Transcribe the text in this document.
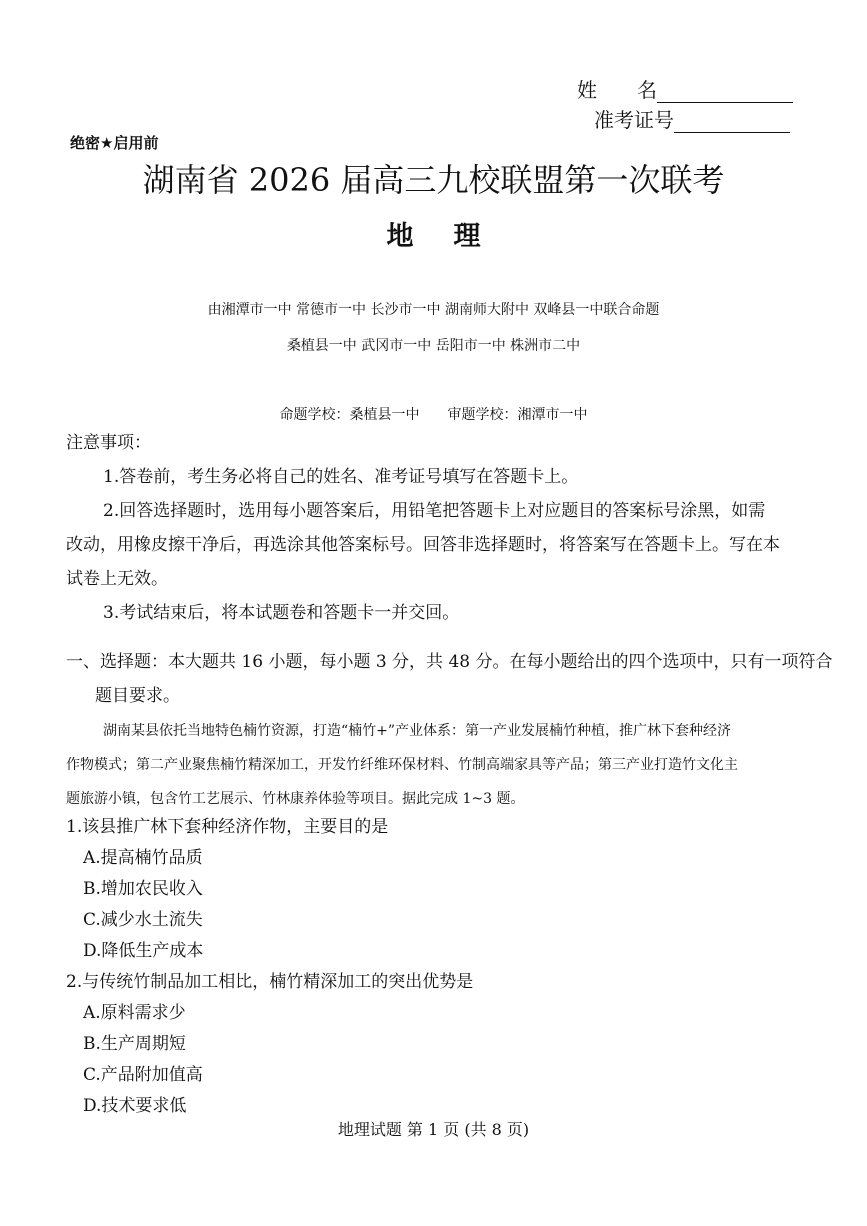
姓　　名
准考证号
绝密★启用前
湖南省 2026 届高三九校联盟第一次联考
地理
由湘潭市一中 常德市一中 长沙市一中 湖南师大附中 双峰县一中联合命题
桑植县一中 武冈市一中 岳阳市一中 株洲市二中
命题学校：桑植县一中　　审题学校：湘潭市一中
注意事项：
1.答卷前，考生务必将自己的姓名、准考证号填写在答题卡上。
2.回答选择题时，选用每小题答案后，用铅笔把答题卡上对应题目的答案标号涂黑，如需
改动，用橡皮擦干净后，再选涂其他答案标号。回答非选择题时，将答案写在答题卡上。写在本
试卷上无效。
3.考试结束后，将本试题卷和答题卡一并交回。
一、选择题：本大题共 16 小题，每小题 3 分，共 48 分。在每小题给出的四个选项中，只有一项符合
题目要求。
湖南某县依托当地特色楠竹资源，打造“楠竹+”产业体系：第一产业发展楠竹种植，推广林下套种经济
作物模式；第二产业聚焦楠竹精深加工，开发竹纤维环保材料、竹制高端家具等产品；第三产业打造竹文化主
题旅游小镇，包含竹工艺展示、竹林康养体验等项目。据此完成 1~3 题。
1.该县推广林下套种经济作物，主要目的是
A.提高楠竹品质
B.增加农民收入
C.减少水土流失
D.降低生产成本
2.与传统竹制品加工相比，楠竹精深加工的突出优势是
A.原料需求少
B.生产周期短
C.产品附加值高
D.技术要求低
地理试题 第 1 页 (共 8 页)
